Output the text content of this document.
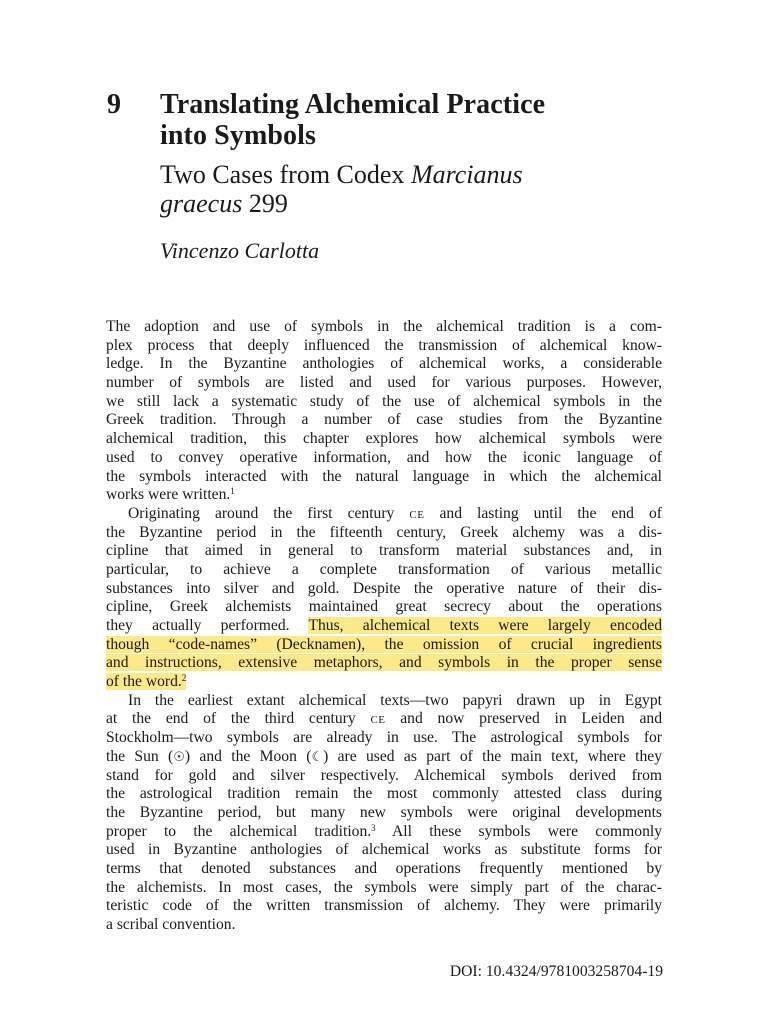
9 Translating Alchemical Practice
into Symbols
Two Cases from Codex Marcianus
graecus 299
Vincenzo Carlotta
The adoption and use of symbols in the alchemical tradition is a com-
plex process that deeply influenced the transmission of alchemical know-
ledge. In the Byzantine anthologies of alchemical works, a considerable
number of symbols are listed and used for various purposes. However,
we still lack a systematic study of the use of alchemical symbols in the
Greek tradition. Through a number of case studies from the Byzantine
alchemical tradition, this chapter explores how alchemical symbols were
used to convey operative information, and how the iconic language of
the symbols interacted with the natural language in which the alchemical
works were written.$^1$
Originating around the first century CE and lasting until the end of
the Byzantine period in the fifteenth century, Greek alchemy was a dis-
cipline that aimed in general to transform material substances and, in
particular, to achieve a complete transformation of various metallic
substances into silver and gold. Despite the operative nature of their dis-
cipline, Greek alchemists maintained great secrecy about the operations
they actually performed. Thus, alchemical texts were largely encoded
though “code-names” (Decknamen), the omission of crucial ingredients
and instructions, extensive metaphors, and symbols in the proper sense
of the word.$^2$
In the earliest extant alchemical texts—two papyri drawn up in Egypt
at the end of the third century CE and now preserved in Leiden and
Stockholm—two symbols are already in use. The astrological symbols for
the Sun (☉) and the Moon (☾) are used as part of the main text, where they
stand for gold and silver respectively. Alchemical symbols derived from
the astrological tradition remain the most commonly attested class during
the Byzantine period, but many new symbols were original developments
proper to the alchemical tradition.$^3$ All these symbols were commonly
used in Byzantine anthologies of alchemical works as substitute forms for
terms that denoted substances and operations frequently mentioned by
the alchemists. In most cases, the symbols were simply part of the charac-
teristic code of the written transmission of alchemy. They were primarily
a scribal convention.
DOI: 10.4324/9781003258704-19
